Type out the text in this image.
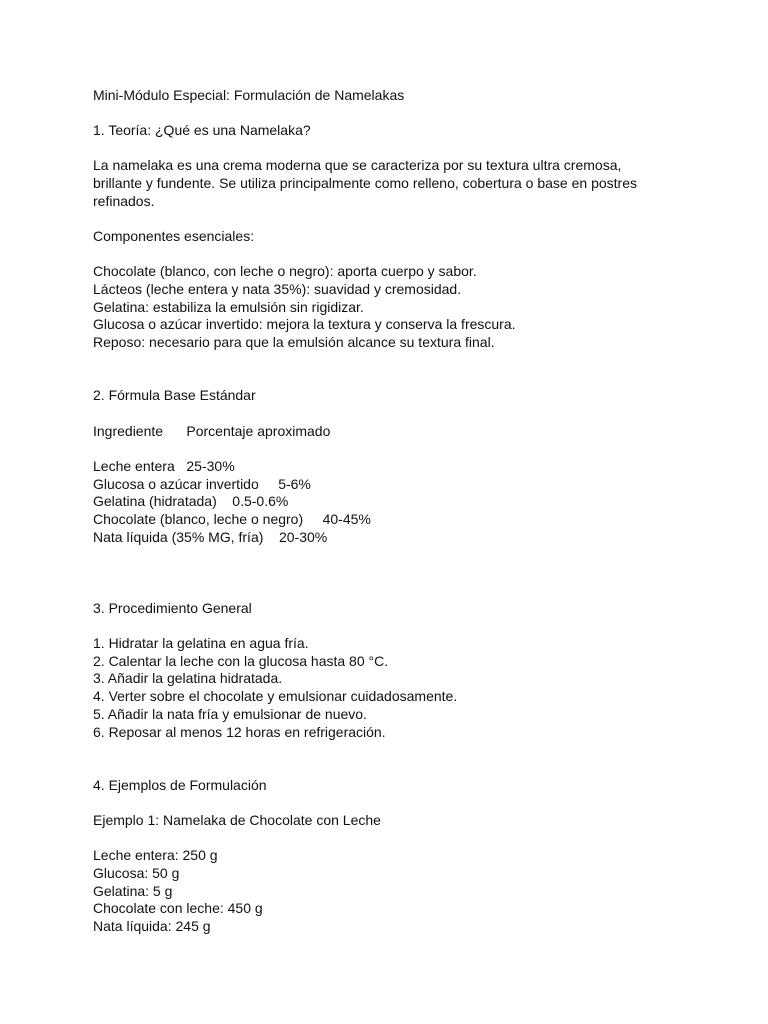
Mini-Módulo Especial: Formulación de Namelakas
1. Teoría: ¿Qué es una Namelaka?
La namelaka es una crema moderna que se caracteriza por su textura ultra cremosa,
brillante y fundente. Se utiliza principalmente como relleno, cobertura o base en postres
refinados.
Componentes esenciales:
Chocolate (blanco, con leche o negro): aporta cuerpo y sabor.
Lácteos (leche entera y nata 35%): suavidad y cremosidad.
Gelatina: estabiliza la emulsión sin rigidizar.
Glucosa o azúcar invertido: mejora la textura y conserva la frescura.
Reposo: necesario para que la emulsión alcance su textura final.
2. Fórmula Base Estándar
Ingrediente      Porcentaje aproximado
Leche entera   25-30%
Glucosa o azúcar invertido     5-6%
Gelatina (hidratada)    0.5-0.6%
Chocolate (blanco, leche o negro)     40-45%
Nata líquida (35% MG, fría)    20-30%
3. Procedimiento General
1. Hidratar la gelatina en agua fría.
2. Calentar la leche con la glucosa hasta 80 °C.
3. Añadir la gelatina hidratada.
4. Verter sobre el chocolate y emulsionar cuidadosamente.
5. Añadir la nata fría y emulsionar de nuevo.
6. Reposar al menos 12 horas en refrigeración.
4. Ejemplos de Formulación
Ejemplo 1: Namelaka de Chocolate con Leche
Leche entera: 250 g
Glucosa: 50 g
Gelatina: 5 g
Chocolate con leche: 450 g
Nata líquida: 245 g
